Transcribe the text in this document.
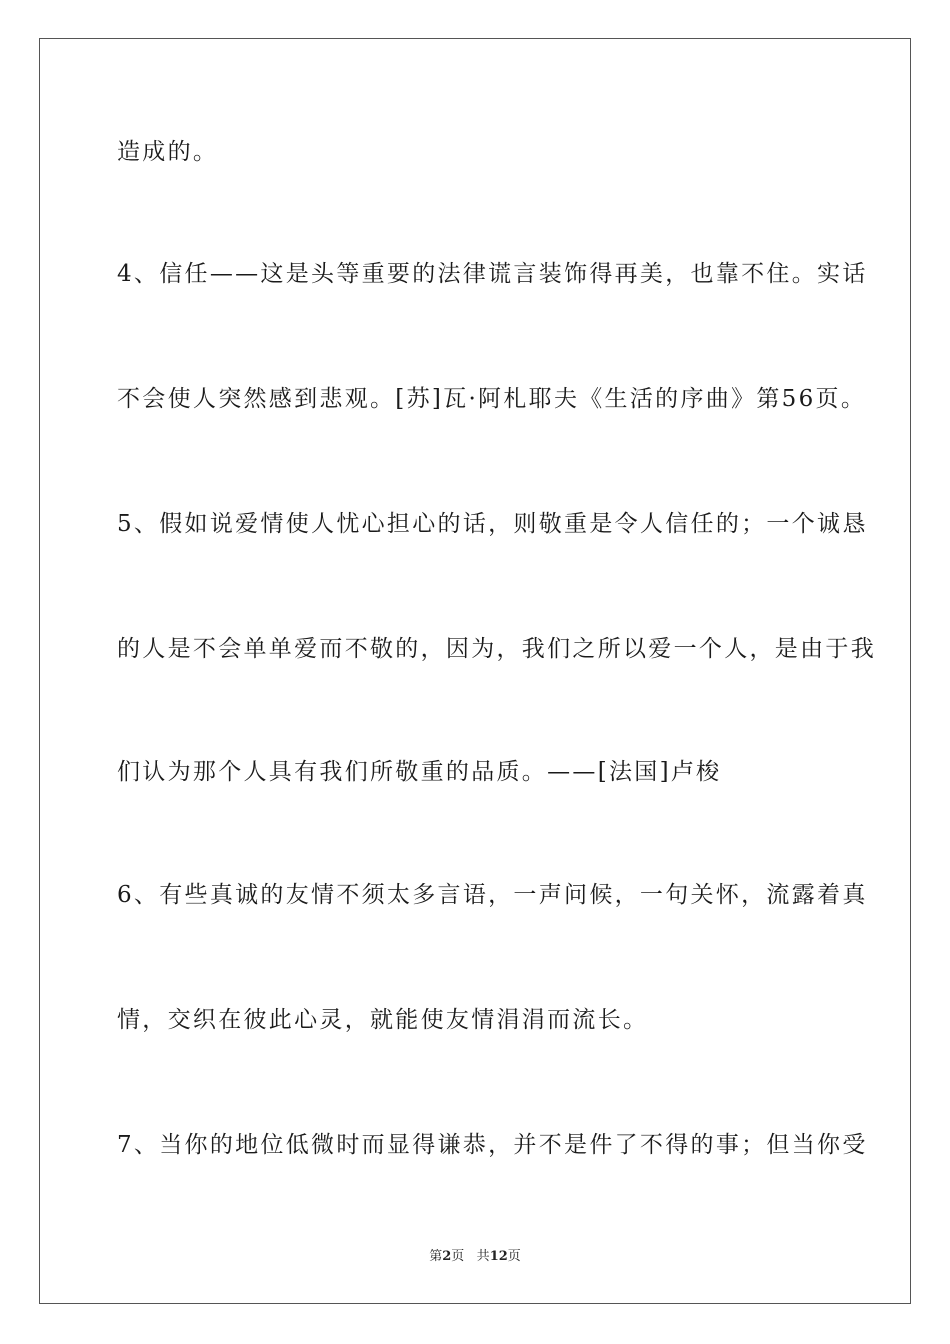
造成的。
4、信任——这是头等重要的法律谎言装饰得再美，也靠不住。实话
不会使人突然感到悲观。[苏]瓦·阿札耶夫《生活的序曲》第56页。
5、假如说爱情使人忧心担心的话，则敬重是令人信任的；一个诚恳
的人是不会单单爱而不敬的，因为，我们之所以爱一个人，是由于我
们认为那个人具有我们所敬重的品质。——[法国]卢梭
6、有些真诚的友情不须太多言语，一声问候，一句关怀，流露着真
情，交织在彼此心灵，就能使友情涓涓而流长。
7、当你的地位低微时而显得谦恭，并不是件了不得的事；但当你受
第2页 共12页
